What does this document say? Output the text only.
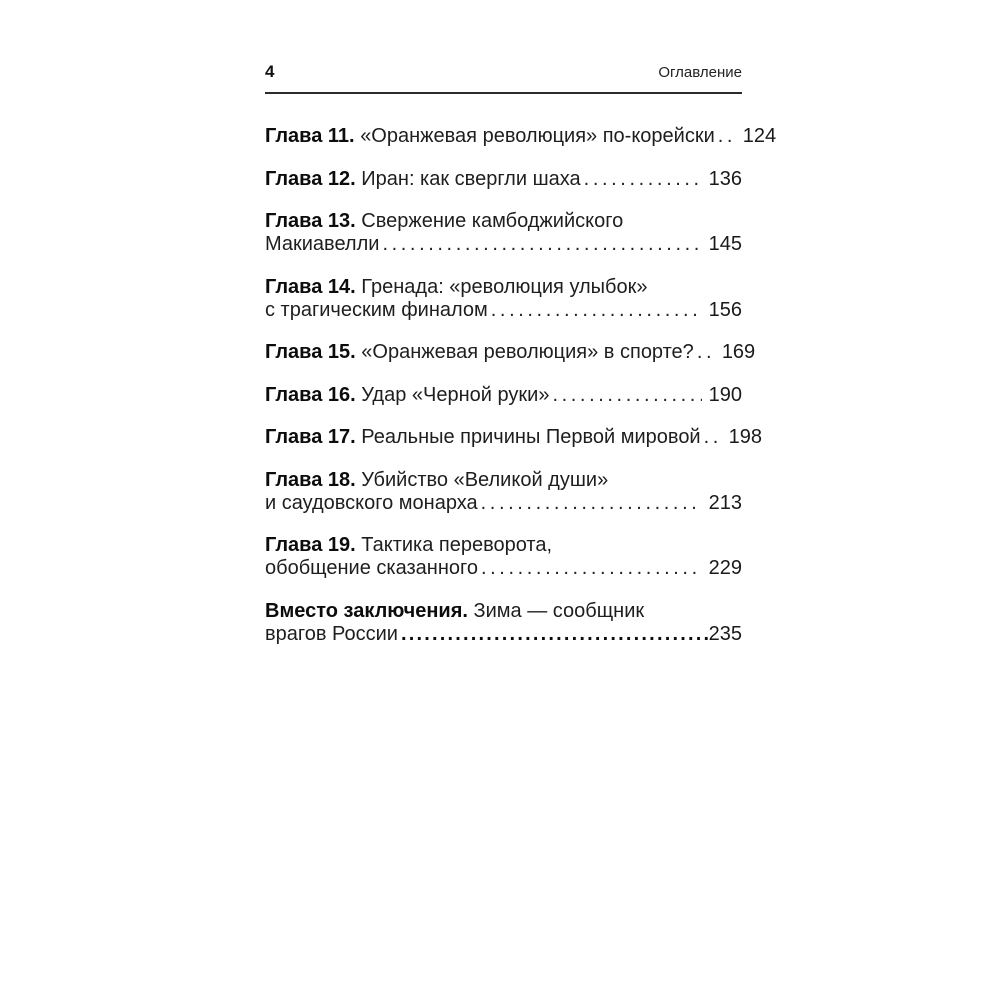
4	Оглавление
Глава 11. «Оранжевая революция» по-корейски ..... 124
Глава 12. Иран: как свергли шаха .....	136
Глава 13. Свержение камбоджийского
Макиавелли .....	145
Глава 14. Гренада: «революция улыбок»
с трагическим финалом .....	156
Глава 15. «Оранжевая революция» в спорте? ..... 169
Глава 16. Удар «Черной руки» .....	190
Глава 17. Реальные причины Первой мировой ..... 198
Глава 18. Убийство «Великой души»
и саудовского монарха .....	213
Глава 19. Тактика переворота,
обобщение сказанного .....	229
Вместо заключения. Зима — сообщник
врагов России .....	235
